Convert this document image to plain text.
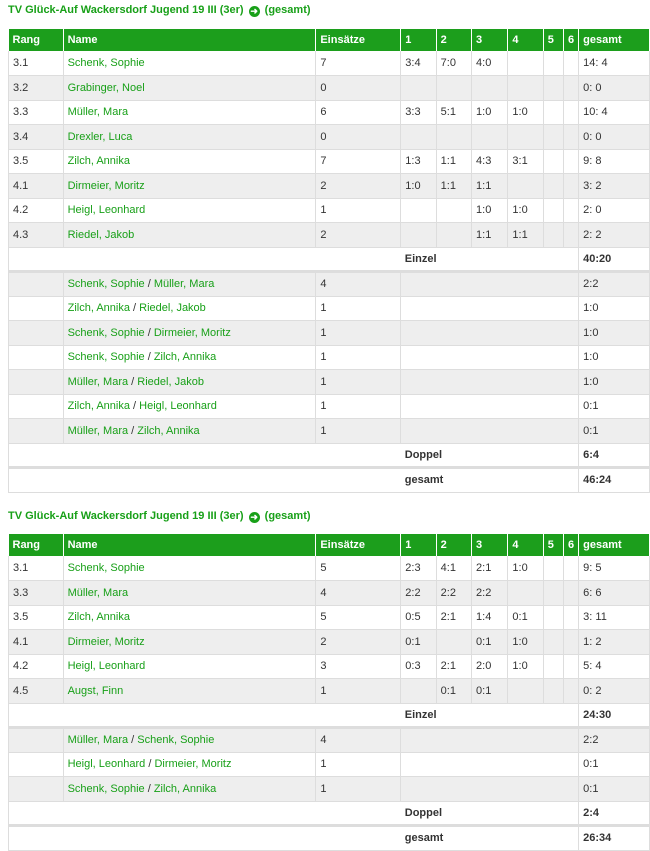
TV Glück-Auf Wackersdorf Jugend 19 III (3er) ➜ (gesamt)
Rang	Name	Einsätze	1	2	3	4	5	6	gesamt
3.1	Schenk, Sophie	7	3:4	7:0	4:0				14: 4
3.2	Grabinger, Noel	0							0: 0
3.3	Müller, Mara	6	3:3	5:1	1:0	1:0			10: 4
3.4	Drexler, Luca	0							0: 0
3.5	Zilch, Annika	7	1:3	1:1	4:3	3:1			9: 8
4.1	Dirmeier, Moritz	2	1:0	1:1	1:1				3: 2
4.2	Heigl, Leonhard	1			1:0	1:0			2: 0
4.3	Riedel, Jakob	2			1:1	1:1			2: 2
			Einzel						40:20
	Schenk, Sophie / Müller, Mara	4							2:2
	Zilch, Annika / Riedel, Jakob	1							1:0
	Schenk, Sophie / Dirmeier, Moritz	1							1:0
	Schenk, Sophie / Zilch, Annika	1							1:0
	Müller, Mara / Riedel, Jakob	1							1:0
	Zilch, Annika / Heigl, Leonhard	1							0:1
	Müller, Mara / Zilch, Annika	1							0:1
			Doppel						6:4
			gesamt						46:24
TV Glück-Auf Wackersdorf Jugend 19 III (3er) ➜ (gesamt)
Rang	Name	Einsätze	1	2	3	4	5	6	gesamt
3.1	Schenk, Sophie	5	2:3	4:1	2:1	1:0			9: 5
3.3	Müller, Mara	4	2:2	2:2	2:2				6: 6
3.5	Zilch, Annika	5	0:5	2:1	1:4	0:1			3: 11
4.1	Dirmeier, Moritz	2	0:1		0:1	1:0			1: 2
4.2	Heigl, Leonhard	3	0:3	2:1	2:0	1:0			5: 4
4.5	Augst, Finn	1		0:1	0:1				0: 2
			Einzel						24:30
	Müller, Mara / Schenk, Sophie	4							2:2
	Heigl, Leonhard / Dirmeier, Moritz	1							0:1
	Schenk, Sophie / Zilch, Annika	1							0:1
			Doppel						2:4
			gesamt						26:34
